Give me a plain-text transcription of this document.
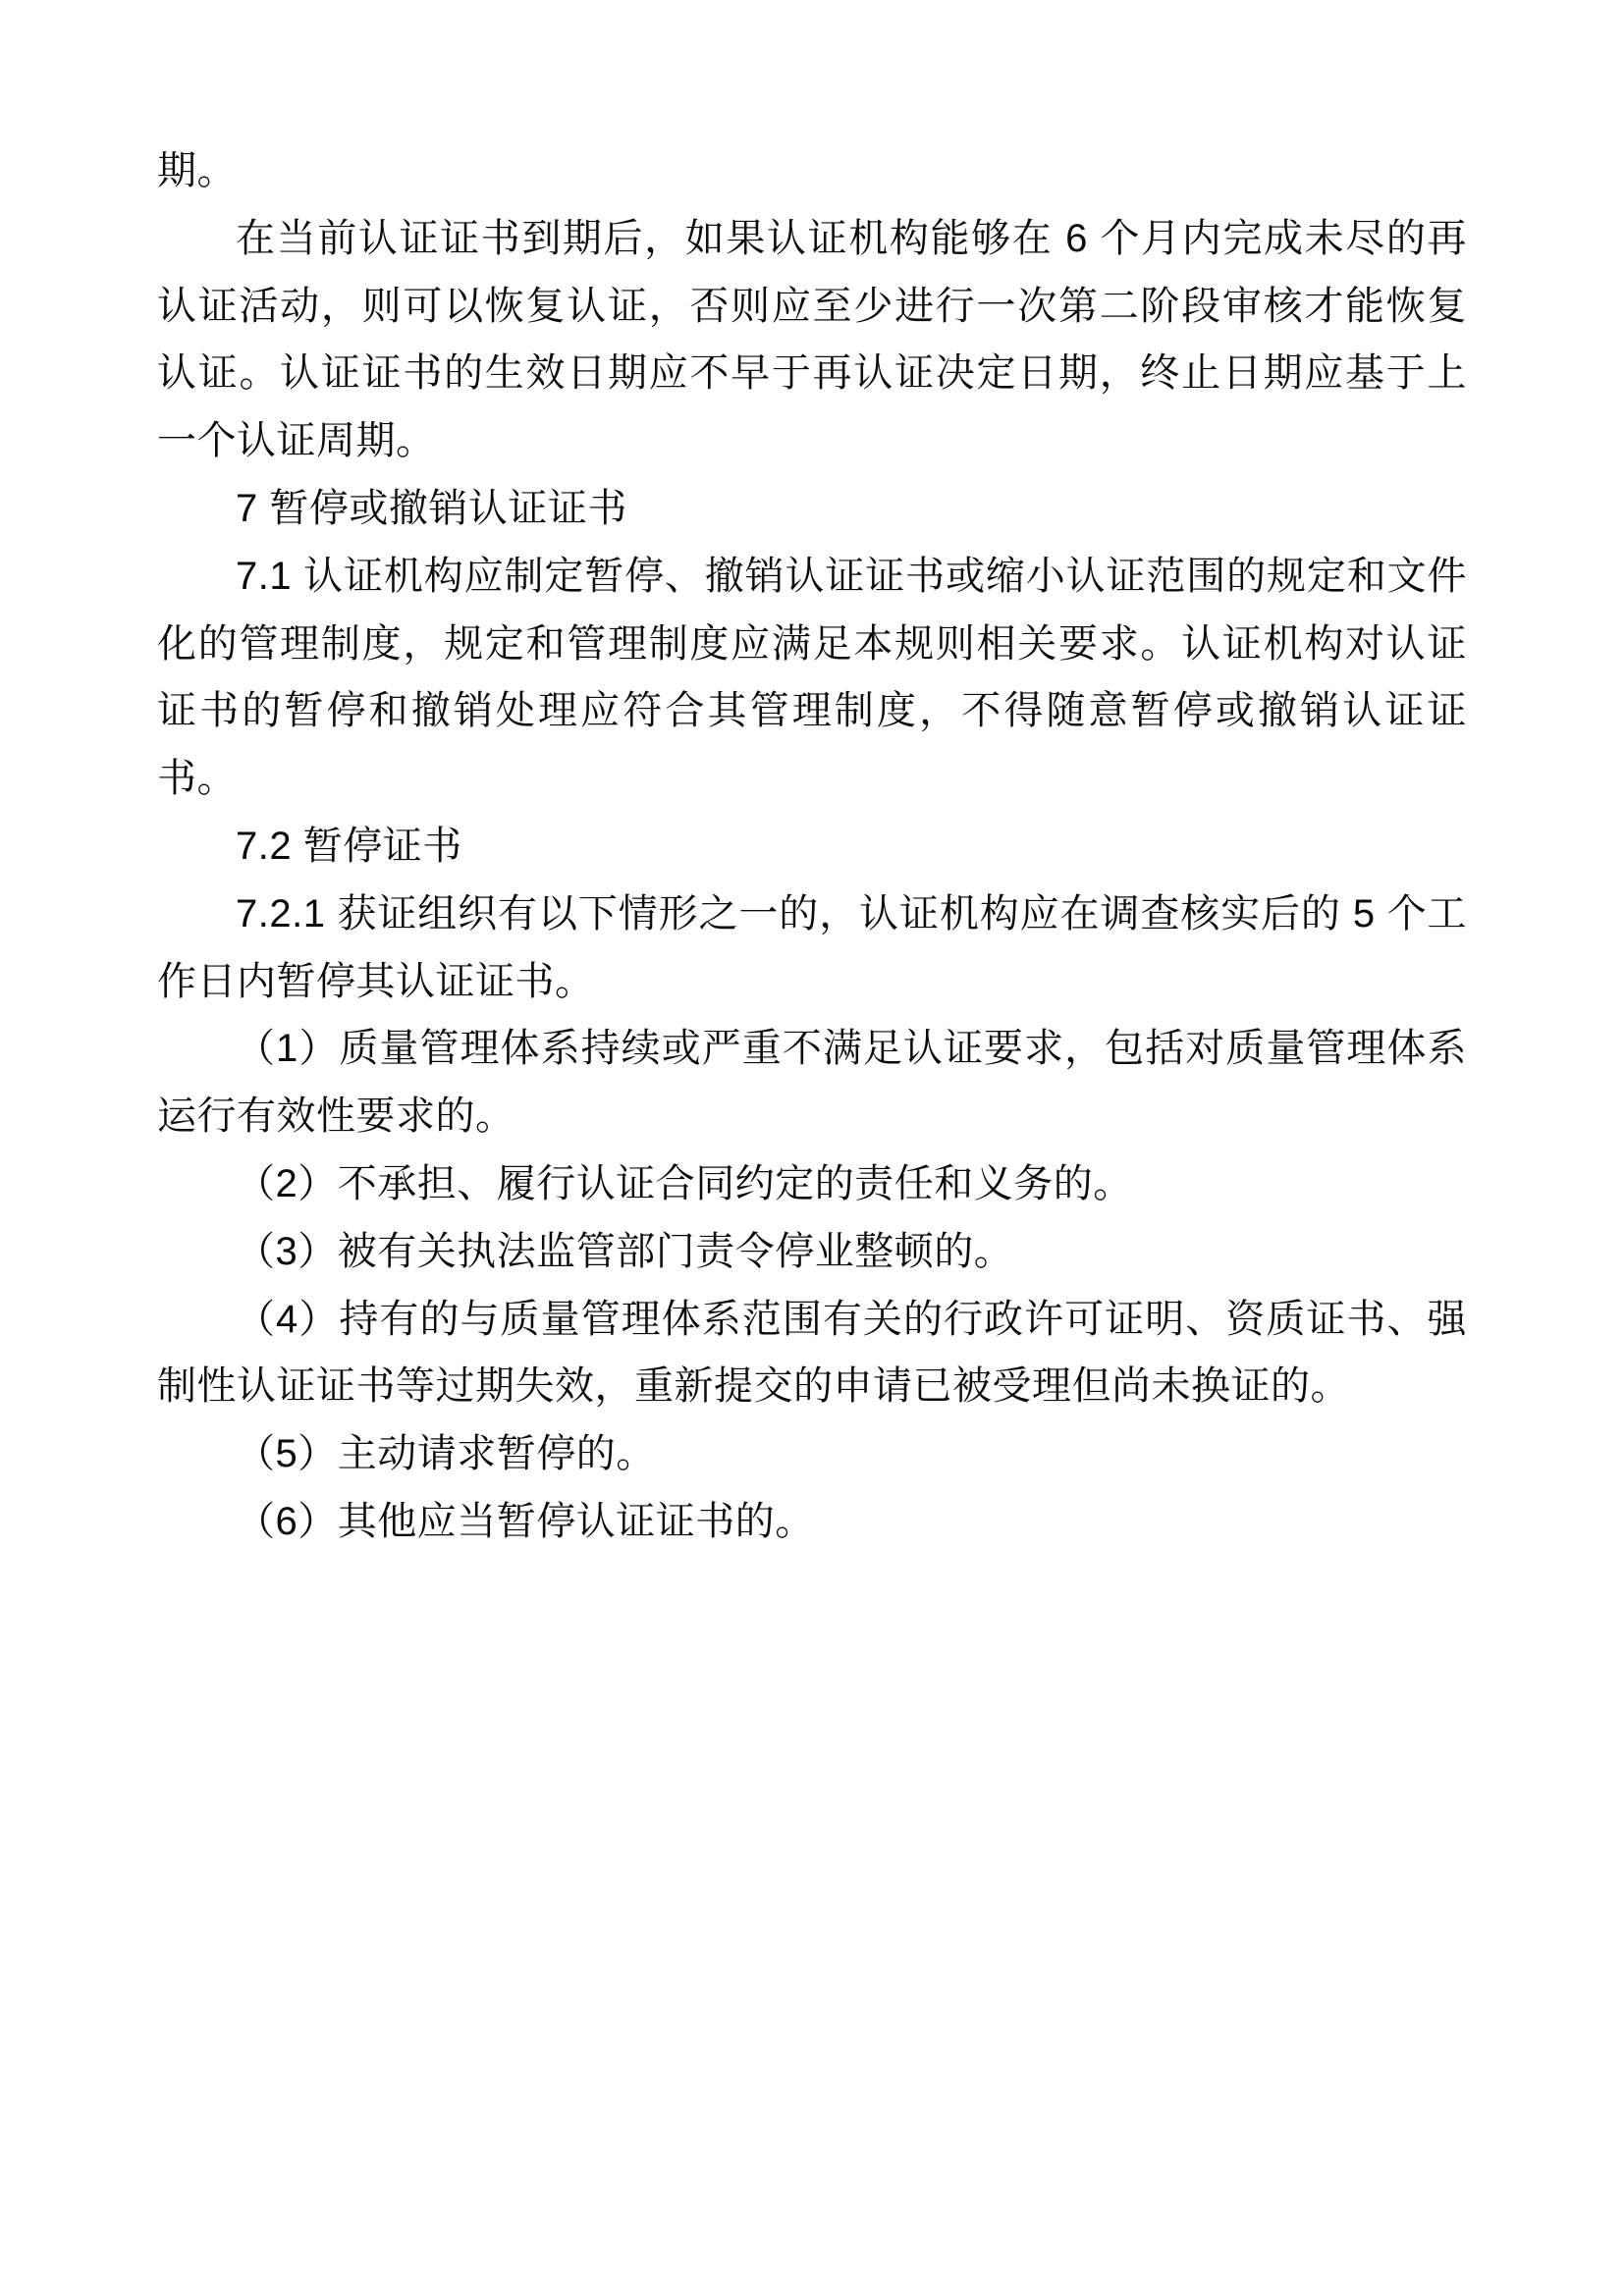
期。

在当前认证证书到期后，如果认证机构能够在 6 个月内完成未尽的再认证活动，则可以恢复认证，否则应至少进行一次第二阶段审核才能恢复认证。认证证书的生效日期应不早于再认证决定日期，终止日期应基于上一个认证周期。

7 暂停或撤销认证证书

7.1 认证机构应制定暂停、撤销认证证书或缩小认证范围的规定和文件化的管理制度，规定和管理制度应满足本规则相关要求。认证机构对认证证书的暂停和撤销处理应符合其管理制度，不得随意暂停或撤销认证证书。

7.2 暂停证书

7.2.1 获证组织有以下情形之一的，认证机构应在调查核实后的 5 个工作日内暂停其认证证书。

（1）质量管理体系持续或严重不满足认证要求，包括对质量管理体系运行有效性要求的。

（2）不承担、履行认证合同约定的责任和义务的。

（3）被有关执法监管部门责令停业整顿的。

（4）持有的与质量管理体系范围有关的行政许可证明、资质证书、强制性认证证书等过期失效，重新提交的申请已被受理但尚未换证的。

（5）主动请求暂停的。

（6）其他应当暂停认证证书的。
